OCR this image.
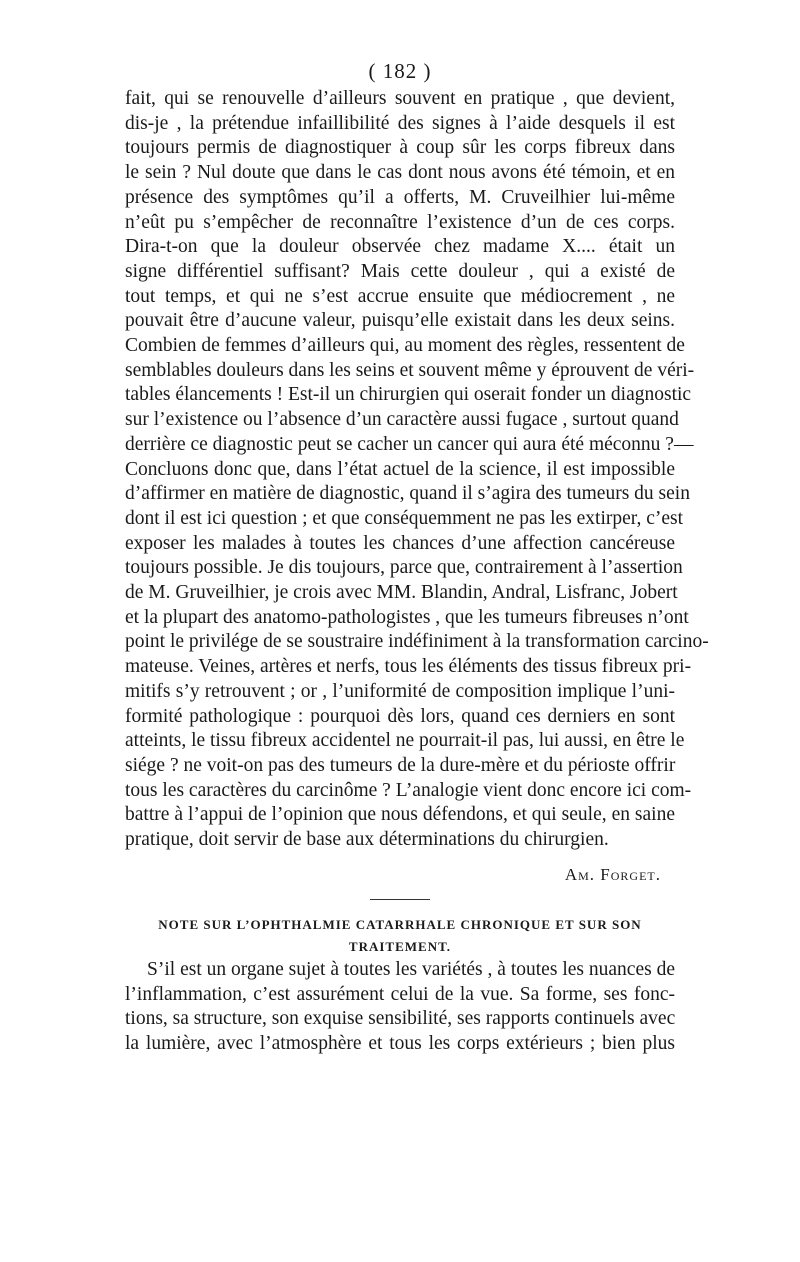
( 182 )

fait, qui se renouvelle d’ailleurs souvent en pratique , que devient,
dis-je , la prétendue infaillibilité des signes à l’aide desquels il est
toujours permis de diagnostiquer à coup sûr les corps fibreux dans
le sein ? Nul doute que dans le cas dont nous avons été témoin, et en
présence des symptômes qu’il a offerts, M. Cruveilhier lui-même
n’eût pu s’empêcher de reconnaître l’existence d’un de ces corps.
Dira-t-on que la douleur observée chez madame X.... était un
signe différentiel suffisant? Mais cette douleur , qui a existé de
tout temps, et qui ne s’est accrue ensuite que médiocrement , ne
pouvait être d’aucune valeur, puisqu’elle existait dans les deux seins.
Combien de femmes d’ailleurs qui, au moment des règles, ressentent de
semblables douleurs dans les seins et souvent même y éprouvent de véri-
tables élancements ! Est-il un chirurgien qui oserait fonder un diagnostic
sur l’existence ou l’absence d’un caractère aussi fugace , surtout quand
derrière ce diagnostic peut se cacher un cancer qui aura été méconnu ?—
Concluons donc que, dans l’état actuel de la science, il est impossible
d’affirmer en matière de diagnostic, quand il s’agira des tumeurs du sein
dont il est ici question ; et que conséquemment ne pas les extirper, c’est
exposer les malades à toutes les chances d’une affection cancéreuse
toujours possible. Je dis toujours, parce que, contrairement à l’assertion
de M. Gruveilhier, je crois avec MM. Blandin, Andral, Lisfranc, Jobert
et la plupart des anatomo-pathologistes , que les tumeurs fibreuses n’ont
point le privilége de se soustraire indéfiniment à la transformation carcino-
mateuse. Veines, artères et nerfs, tous les éléments des tissus fibreux pri-
mitifs s’y retrouvent ; or , l’uniformité de composition implique l’uni-
formité pathologique : pourquoi dès lors, quand ces derniers en sont
atteints, le tissu fibreux accidentel ne pourrait-il pas, lui aussi, en être le
siége ? ne voit-on pas des tumeurs de la dure-mère et du périoste offrir
tous les caractères du carcinôme ? L’analogie vient donc encore ici com-
battre à l’appui de l’opinion que nous défendons, et qui seule, en saine
pratique, doit servir de base aux déterminations du chirurgien.

Am. Forget.
NOTE SUR L’OPHTHALMIE CATARRHALE CHRONIQUE ET SUR SON
TRAITEMENT.

S’il est un organe sujet à toutes les variétés , à toutes les nuances de
l’inflammation, c’est assurément celui de la vue. Sa forme, ses fonc-
tions, sa structure, son exquise sensibilité, ses rapports continuels avec
la lumière, avec l’atmosphère et tous les corps extérieurs ; bien plus
